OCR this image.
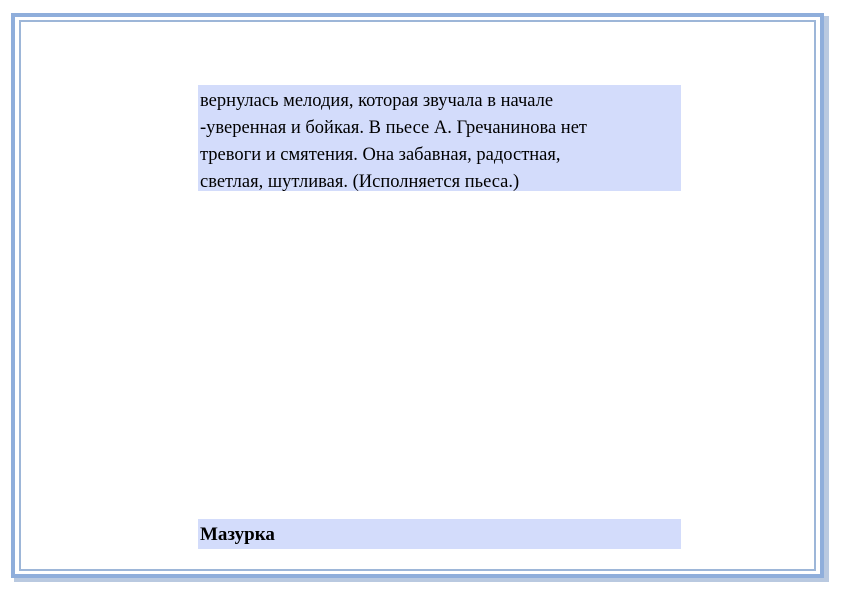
вернулась мелодия, которая звучала в начале
-уверенная и бойкая. В пьесе А. Гречанинова нет
тревоги и смятения. Она забавная, радостная,
светлая, шутливая. (Исполняется пьеса.)
Мазурка
